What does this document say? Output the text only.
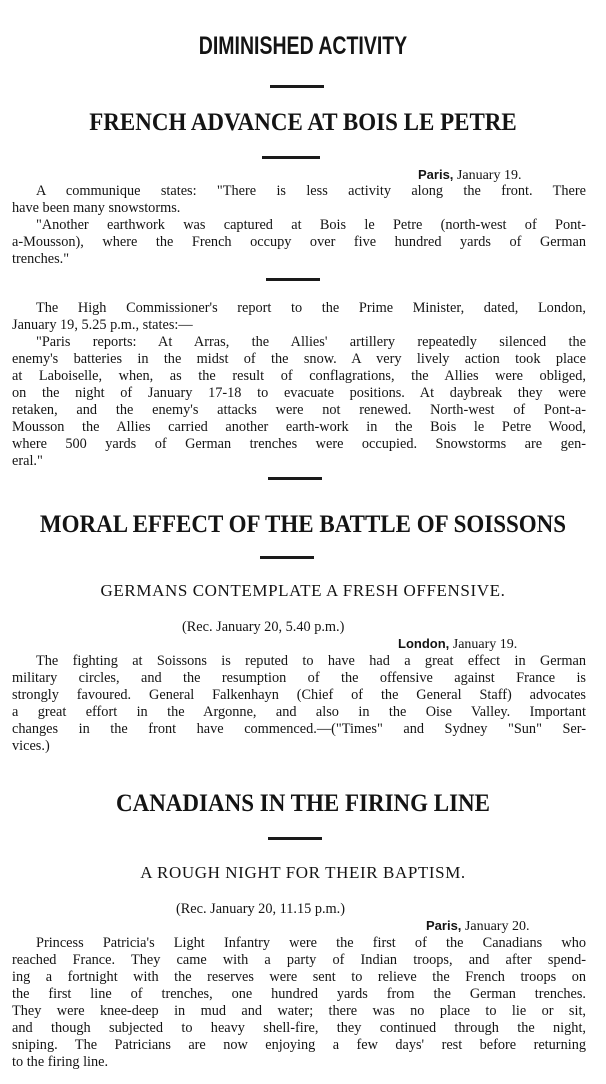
DIMINISHED ACTIVITY
FRENCH ADVANCE AT BOIS LE PETRE
Paris, January 19.
A communique states: "There is less activity along the front. There
have been many snowstorms.
"Another earthwork was captured at Bois le Petre (north-west of Pont-
a-Mousson), where the French occupy over five hundred yards of German
trenches."
The High Commissioner's report to the Prime Minister, dated, London,
January 19, 5.25 p.m., states:—
"Paris reports: At Arras, the Allies' artillery repeatedly silenced the
enemy's batteries in the midst of the snow. A very lively action took place
at Laboiselle, when, as the result of conflagrations, the Allies were obliged,
on the night of January 17-18 to evacuate positions. At daybreak they were
retaken, and the enemy's attacks were not renewed. North-west of Pont-a-
Mousson the Allies carried another earth-work in the Bois le Petre Wood,
where 500 yards of German trenches were occupied. Snowstorms are gen-
eral."
MORAL EFFECT OF THE BATTLE OF SOISSONS
GERMANS CONTEMPLATE A FRESH OFFENSIVE.
(Rec. January 20, 5.40 p.m.)
London, January 19.
The fighting at Soissons is reputed to have had a great effect in German
military circles, and the resumption of the offensive against France is
strongly favoured. General Falkenhayn (Chief of the General Staff) advocates
a great effort in the Argonne, and also in the Oise Valley. Important
changes in the front have commenced.—("Times" and Sydney "Sun" Ser-
vices.)
CANADIANS IN THE FIRING LINE
A ROUGH NIGHT FOR THEIR BAPTISM.
(Rec. January 20, 11.15 p.m.)
Paris, January 20.
Princess Patricia's Light Infantry were the first of the Canadians who
reached France. They came with a party of Indian troops, and after spend-
ing a fortnight with the reserves were sent to relieve the French troops on
the first line of trenches, one hundred yards from the German trenches.
They were knee-deep in mud and water; there was no place to lie or sit,
and though subjected to heavy shell-fire, they continued through the night,
sniping. The Patricians are now enjoying a few days' rest before returning
to the firing line.
